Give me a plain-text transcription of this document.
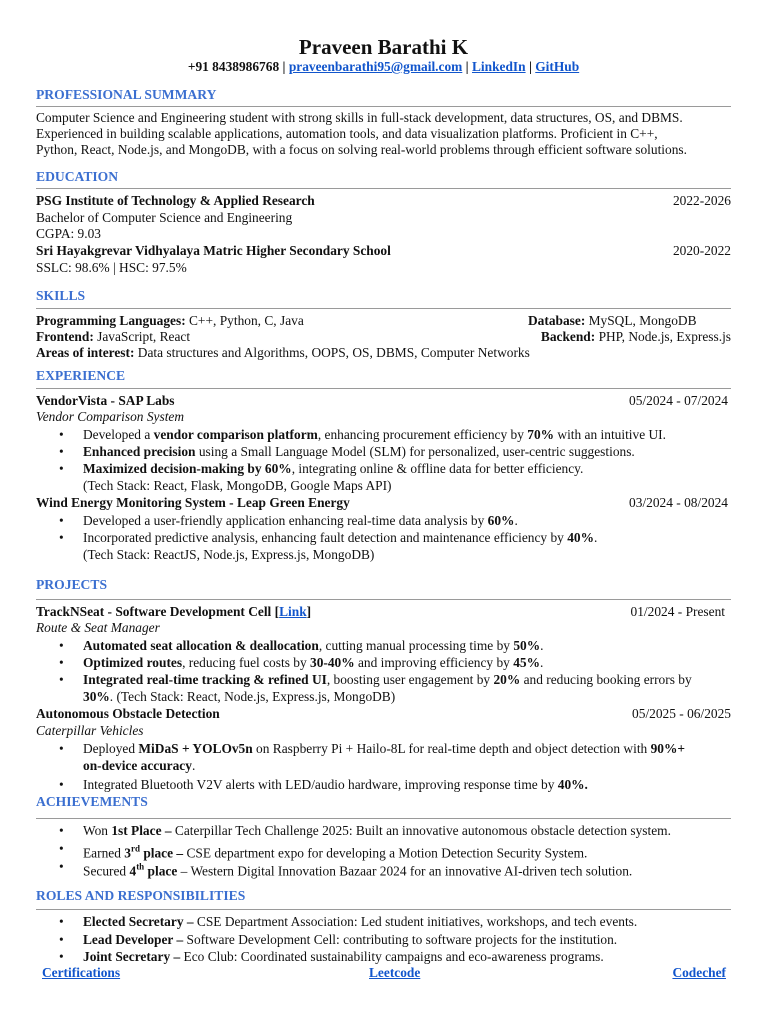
Praveen Barathi K
+91 8438986768 | praveenbarathi95@gmail.com | LinkedIn | GitHub
PROFESSIONAL SUMMARY
Computer Science and Engineering student with strong skills in full-stack development, data structures, OS, and DBMS.
Experienced in building scalable applications, automation tools, and data visualization platforms. Proficient in C++,
Python, React, Node.js, and MongoDB, with a focus on solving real-world problems through efficient software solutions.
EDUCATION
PSG Institute of Technology & Applied Research	2022-2026
Bachelor of Computer Science and Engineering
CGPA: 9.03
Sri Hayakgrevar Vidhyalaya Matric Higher Secondary School	2020-2022
SSLC: 98.6% | HSC: 97.5%
SKILLS
Programming Languages: C++, Python, C, Java	Database: MySQL, MongoDB
Frontend: JavaScript, React	Backend: PHP, Node.js, Express.js
Areas of interest: Data structures and Algorithms, OOPS, OS, DBMS, Computer Networks
EXPERIENCE
VendorVista - SAP Labs	05/2024 - 07/2024
Vendor Comparison System
• Developed a vendor comparison platform, enhancing procurement efficiency by 70% with an intuitive UI.
• Enhanced precision using a Small Language Model (SLM) for personalized, user-centric suggestions.
• Maximized decision-making by 60%, integrating online & offline data for better efficiency.
(Tech Stack: React, Flask, MongoDB, Google Maps API)
Wind Energy Monitoring System - Leap Green Energy	03/2024 - 08/2024
• Developed a user-friendly application enhancing real-time data analysis by 60%.
• Incorporated predictive analysis, enhancing fault detection and maintenance efficiency by 40%.
(Tech Stack: ReactJS, Node.js, Express.js, MongoDB)
PROJECTS
TrackNSeat - Software Development Cell [Link]	01/2024 - Present
Route & Seat Manager
• Automated seat allocation & deallocation, cutting manual processing time by 50%.
• Optimized routes, reducing fuel costs by 30-40% and improving efficiency by 45%.
• Integrated real-time tracking & refined UI, boosting user engagement by 20% and reducing booking errors by
30%. (Tech Stack: React, Node.js, Express.js, MongoDB)
Autonomous Obstacle Detection	05/2025 - 06/2025
Caterpillar Vehicles
• Deployed MiDaS + YOLOv5n on Raspberry Pi + Hailo-8L for real-time depth and object detection with 90%+
on-device accuracy.
• Integrated Bluetooth V2V alerts with LED/audio hardware, improving response time by 40%.
ACHIEVEMENTS
• Won 1st Place – Caterpillar Tech Challenge 2025: Built an innovative autonomous obstacle detection system.
• Earned 3rd place – CSE department expo for developing a Motion Detection Security System.
• Secured 4th place – Western Digital Innovation Bazaar 2024 for an innovative AI-driven tech solution.
ROLES AND RESPONSIBILITIES
• Elected Secretary – CSE Department Association: Led student initiatives, workshops, and tech events.
• Lead Developer – Software Development Cell: contributing to software projects for the institution.
• Joint Secretary – Eco Club: Coordinated sustainability campaigns and eco-awareness programs.
Certifications	Leetcode	Codechef
